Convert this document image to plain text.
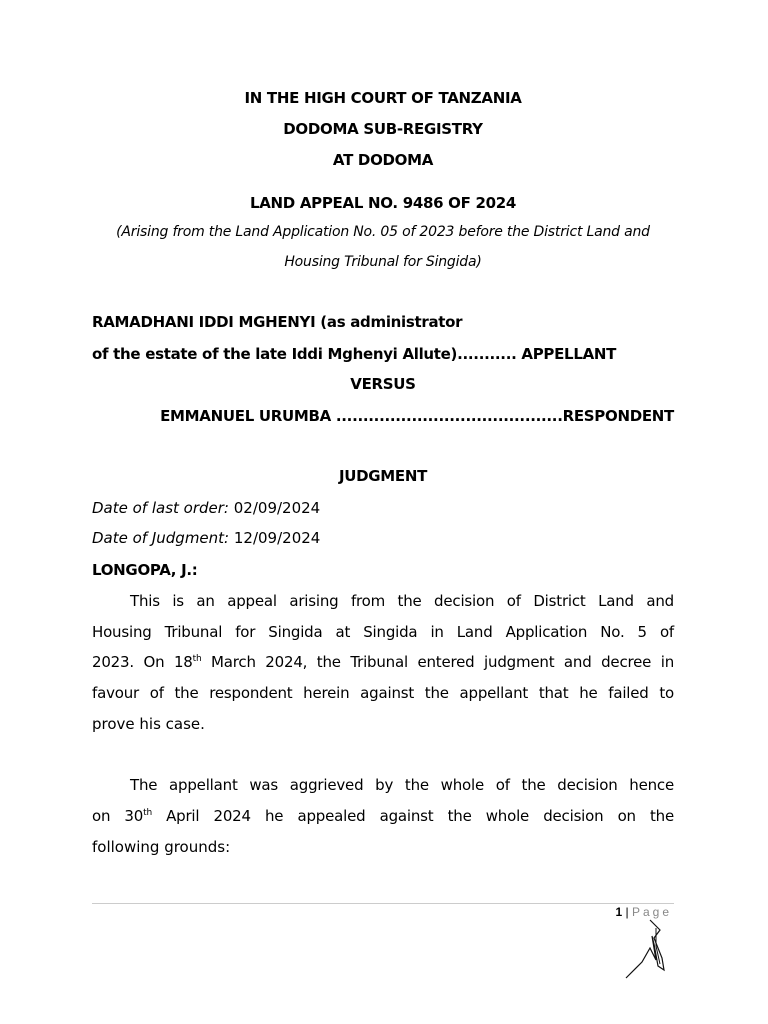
IN THE HIGH COURT OF TANZANIA
DODOMA SUB-REGISTRY
AT DODOMA
LAND APPEAL NO. 9486 OF 2024
(Arising from the Land Application No. 05 of 2023 before the District Land and
Housing Tribunal for Singida)
RAMADHANI IDDI MGHENYI (as administrator
of the estate of the late Iddi Mghenyi Allute)........... APPELLANT
VERSUS
EMMANUEL URUMBA ..........................................RESPONDENT
JUDGMENT
Date of last order: 02/09/2024
Date of Judgment: 12/09/2024
LONGOPA, J.:
This is an appeal arising from the decision of District Land and
Housing Tribunal for Singida at Singida in Land Application No. 5 of
2023. On 18th March 2024, the Tribunal entered judgment and decree in
favour of the respondent herein against the appellant that he failed to
prove his case.
The appellant was aggrieved by the whole of the decision hence
on 30th April 2024 he appealed against the whole decision on the
following grounds:
1 | Page
